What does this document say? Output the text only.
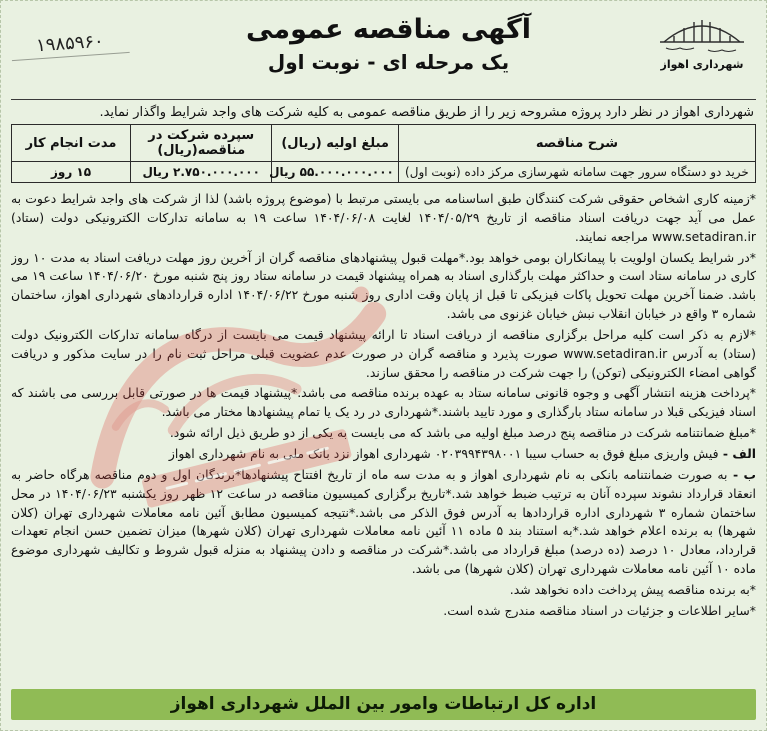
شهرداری اهواز
آگهی مناقصه عمومی
یک مرحله ای - نوبت اول
۱۹۸۵۹۶۰
شهرداری اهواز در نظر دارد پروژه مشروحه زیر را از طریق مناقصه عمومی به کلیه شرکت های واجد شرایط واگذار نماید.
شرح مناقصه	مبلغ اولیه (ریال)	سپرده شرکت در مناقصه(ریال)	مدت انجام کار
خرید دو دستگاه سرور جهت سامانه شهرسازی مرکز داده (نوبت اول)	۵۵.۰۰۰.۰۰۰.۰۰۰ ریال	۲.۷۵۰.۰۰۰.۰۰۰ ریال	۱۵ روز

*زمینه کاری اشخاص حقوقی شرکت کنندگان طبق اساسنامه می بایستی مرتبط با (موضوع پروژه باشد) لذا از شرکت های واجد شرایط دعوت به عمل می آید جهت دریافت اسناد مناقصه از تاریخ ۱۴۰۴/۰۵/۲۹ لغایت ۱۴۰۴/۰۶/۰۸ ساعت ۱۹ به سامانه تدارکات الکترونیکی دولت (ستاد) www.setadiran.ir مراجعه نمایند.

*در شرایط یکسان اولویت با پیمانکاران بومی خواهد بود.*مهلت قبول پیشنهادهای مناقصه گران از آخرین روز مهلت دریافت اسناد به مدت ۱۰ روز کاری در سامانه ستاد است و حداکثر مهلت بارگذاری اسناد به همراه پیشنهاد قیمت در سامانه ستاد روز پنج شنبه مورخ ۱۴۰۴/۰۶/۲۰ ساعت ۱۹ می باشد. ضمنا آخرین مهلت تحویل پاکات فیزیکی تا قبل از پایان وقت اداری روز شنبه مورخ ۱۴۰۴/۰۶/۲۲ اداره قراردادهای شهرداری اهواز، ساختمان شماره ۳ واقع در خیابان انقلاب نبش خیابان غزنوی می باشد.

*لازم به ذکر است کلیه مراحل برگزاری مناقصه از دریافت اسناد تا ارائه پیشنهاد قیمت می بایست از درگاه سامانه تدارکات الکترونیک دولت (ستاد) به آدرس www.setadiran.ir صورت پذیرد و مناقصه گران در صورت عدم عضویت قبلی مراحل ثبت نام را در سایت مذکور و دریافت گواهی امضاء الکترونیکی (توکن) را جهت شرکت در مناقصه را محقق سازند.

*پرداخت هزینه انتشار آگهی و وجوه قانونی سامانه ستاد به عهده برنده مناقصه می باشد.*پیشنهاد قیمت ها در صورتی قابل بررسی می باشند که اسناد فیزیکی قبلا در سامانه ستاد بارگذاری و مورد تایید باشند.*شهرداری در رد یک یا تمام پیشنهادها مختار می باشد.

*مبلغ ضمانتنامه شرکت در مناقصه پنج درصد مبلغ اولیه می باشد که می بایست به یکی از دو طریق ذیل ارائه شود.

الف - فیش واریزی مبلغ فوق به حساب سیبا ۰۲۰۳۹۹۴۳۹۸۰۰۱ شهرداری اهواز نزد بانک ملی به نام شهرداری اهواز

ب - به صورت ضمانتنامه بانکی به نام شهرداری اهواز و به مدت سه ماه از تاریخ افتتاح پیشنهادها*برندگان اول و دوم مناقصه هرگاه حاضر به انعقاد قرارداد نشوند سپرده آنان به ترتیب ضبط خواهد شد.*تاریخ برگزاری کمیسیون مناقصه در ساعت ۱۲ ظهر روز یکشنبه ۱۴۰۴/۰۶/۲۳ در محل ساختمان شماره ۳ شهرداری اداره قراردادها به آدرس فوق الذکر می باشد.*نتیجه کمیسیون مطابق آئین نامه معاملات شهرداری تهران (کلان شهرها) به برنده اعلام خواهد شد.*به استناد بند ۵ ماده ۱۱ آئین نامه معاملات شهرداری تهران (کلان شهرها) میزان تضمین حسن انجام تعهدات قرارداد، معادل ۱۰ درصد (ده درصد) مبلغ قرارداد می باشد.*شرکت در مناقصه و دادن پیشنهاد به منزله قبول شروط و تکالیف شهرداری موضوع ماده ۱۰ آئین نامه معاملات شهرداری تهران (کلان شهرها) می باشد.

*به برنده مناقصه پیش پرداخت داده نخواهد شد.

*سایر اطلاعات و جزئیات در اسناد مناقصه مندرج شده است.

اداره کل ارتباطات وامور بین الملل شهرداری اهواز
